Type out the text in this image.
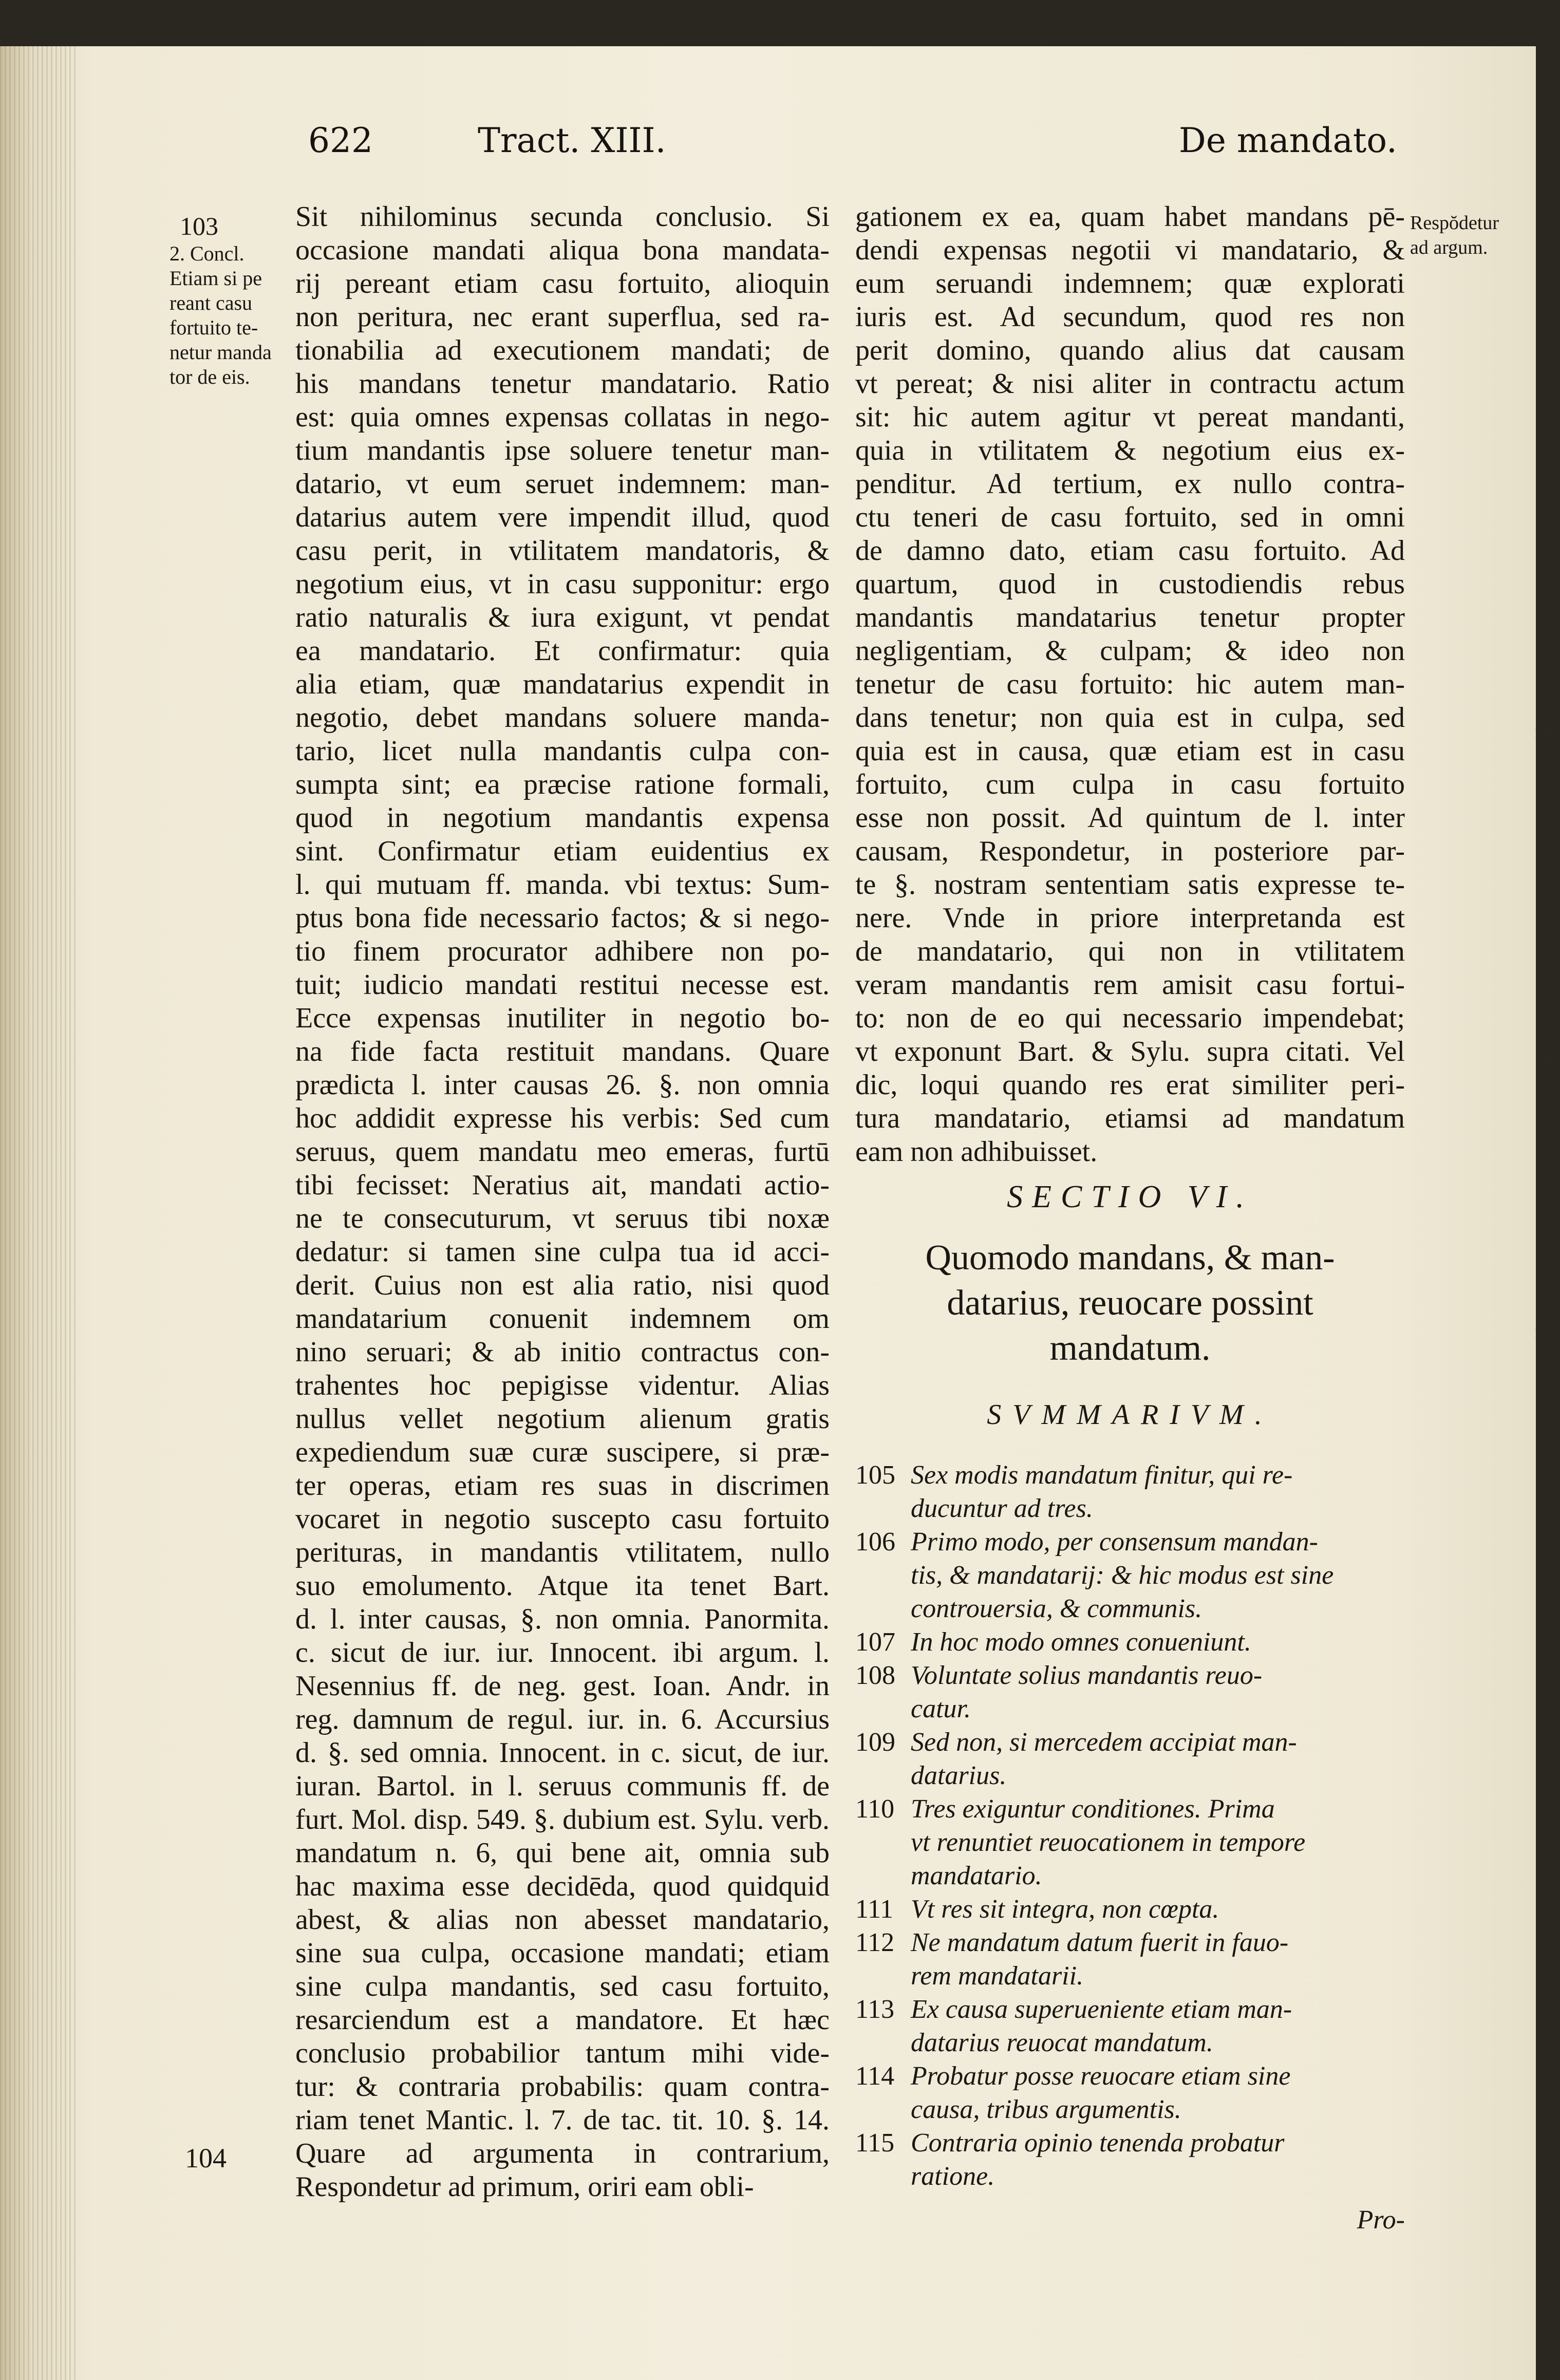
100
99
101
622	Tract. XIII.	De mandato.
103
2. Concl.
Etiam si pe
reant casu
fortuito te-
netur manda
tor de eis.
104
Respŏdetur
ad argum.
Sit nihilominus secunda conclusio. Si
occasione mandati aliqua bona mandata-
rij pereant etiam casu fortuito, alioquin
non peritura, nec erant superflua, sed ra-
tionabilia ad executionem mandati; de
his mandans tenetur mandatario. Ratio
est: quia omnes expensas collatas in nego-
tium mandantis ipse soluere tenetur man-
datario, vt eum seruet indemnem: man-
datarius autem vere impendit illud, quod
casu perit, in vtilitatem mandatoris, &
negotium eius, vt in casu supponitur: ergo
ratio naturalis & iura exigunt, vt pendat
ea mandatario. Et confirmatur: quia
alia etiam, quæ mandatarius expendit in
negotio, debet mandans soluere manda-
tario, licet nulla mandantis culpa con-
sumpta sint; ea præcise ratione formali,
quod in negotium mandantis expensa
sint. Confirmatur etiam euidentius ex
l. qui mutuam ff. manda. vbi textus: Sum-
ptus bona fide necessario factos; & si nego-
tio finem procurator adhibere non po-
tuit; iudicio mandati restitui necesse est.
Ecce expensas inutiliter in negotio bo-
na fide facta restituit mandans. Quare
prædicta l. inter causas 26. §. non omnia
hoc addidit expresse his verbis: Sed cum
seruus, quem mandatu meo emeras, furtū
tibi fecisset: Neratius ait, mandati actio-
ne te consecuturum, vt seruus tibi noxæ
dedatur: si tamen sine culpa tua id acci-
derit. Cuius non est alia ratio, nisi quod
mandatarium conuenit indemnem om
nino seruari; & ab initio contractus con-
trahentes hoc pepigisse videntur. Alias
nullus vellet negotium alienum gratis
expediendum suæ curæ suscipere, si præ-
ter operas, etiam res suas in discrimen
vocaret in negotio suscepto casu fortuito
perituras, in mandantis vtilitatem, nullo
suo emolumento. Atque ita tenet Bart.
d. l. inter causas, §. non omnia. Panormita.
c. sicut de iur. iur. Innocent. ibi argum. l.
Nesennius ff. de neg. gest. Ioan. Andr. in
reg. damnum de regul. iur. in. 6. Accursius
d. §. sed omnia. Innocent. in c. sicut, de iur.
iuran. Bartol. in l. seruus communis ff. de
furt. Mol. disp. 549. §. dubium est. Sylu. verb.
mandatum n. 6, qui bene ait, omnia sub
hac maxima esse decidēda, quod quidquid
abest, & alias non abesset mandatario,
sine sua culpa, occasione mandati; etiam
sine culpa mandantis, sed casu fortuito,
resarciendum est a mandatore. Et hæc
conclusio probabilior tantum mihi vide-
tur: & contraria probabilis: quam contra-
riam tenet Mantic. l. 7. de tac. tit. 10. §. 14.
Quare ad argumenta in contrarium,
Respondetur ad primum, oriri eam obli-
gationem ex ea, quam habet mandans pē-
dendi expensas negotii vi mandatario, &
eum seruandi indemnem; quæ explorati
iuris est. Ad secundum, quod res non
perit domino, quando alius dat causam
vt pereat; & nisi aliter in contractu actum
sit: hic autem agitur vt pereat mandanti,
quia in vtilitatem & negotium eius ex-
penditur. Ad tertium, ex nullo contra-
ctu teneri de casu fortuito, sed in omni
de damno dato, etiam casu fortuito. Ad
quartum, quod in custodiendis rebus
mandantis mandatarius tenetur propter
negligentiam, & culpam; & ideo non
tenetur de casu fortuito: hic autem man-
dans tenetur; non quia est in culpa, sed
quia est in causa, quæ etiam est in casu
fortuito, cum culpa in casu fortuito
esse non possit. Ad quintum de l. inter
causam, Respondetur, in posteriore par-
te §. nostram sententiam satis expresse te-
nere. Vnde in priore interpretanda est
de mandatario, qui non in vtilitatem
veram mandantis rem amisit casu fortui-
to: non de eo qui necessario impendebat;
vt exponunt Bart. & Sylu. supra citati. Vel
dic, loqui quando res erat similiter peri-
tura mandatario, etiamsi ad mandatum
eam non adhibuisset.
SECTIO VI.
Quomodo mandans, & man-
datarius, reuocare possint
mandatum.
SVMMARIVM.
105 Sex modis mandatum finitur, qui re-
ducuntur ad tres.
106 Primo modo, per consensum mandan-
tis, & mandatarij: & hic modus est sine
controuersia, & communis.
107 In hoc modo omnes conueniunt.
108 Voluntate solius mandantis reuo-
catur.
109 Sed non, si mercedem accipiat man-
datarius.
110 Tres exiguntur conditiones. Prima
vt renuntiet reuocationem in tempore
mandatario.
111 Vt res sit integra, non cœpta.
112 Ne mandatum datum fuerit in fauo-
rem mandatarii.
113 Ex causa superueniente etiam man-
datarius reuocat mandatum.
114 Probatur posse reuocare etiam sine
causa, tribus argumentis.
115 Contraria opinio tenenda probatur
ratione.
Pro-
